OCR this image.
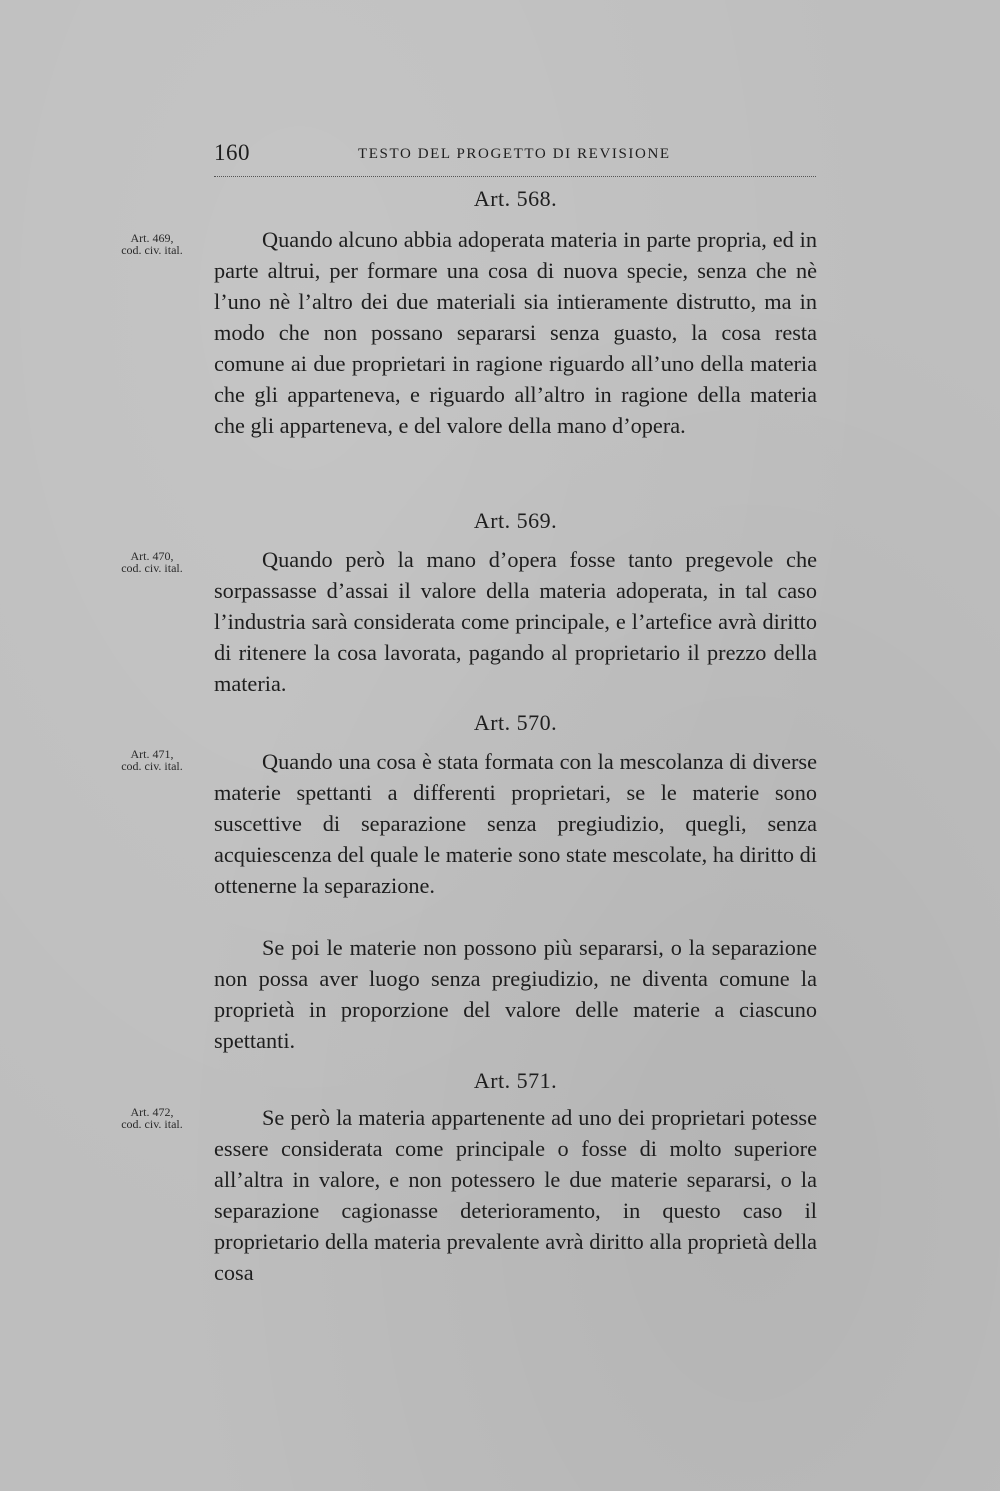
160	TESTO DEL PROGETTO DI REVISIONE
Art. 469,
cod. civ. ital.
Art. 568.

Quando alcuno abbia adoperata materia in parte propria, ed in parte altrui, per formare una cosa di nuova specie, senza che nè l’uno nè l’altro dei due materiali sia intieramente distrutto, ma in modo che non possano separarsi senza guasto, la cosa resta comune ai due proprietari in ragione riguardo all’uno della materia che gli apparteneva, e riguardo all’altro in ragione della materia che gli apparteneva, e del valore della mano d’opera.

Art. 470,
cod. civ. ital.
Art. 569.

Quando però la mano d’opera fosse tanto pregevole che sorpassasse d’assai il valore della materia adoperata, in tal caso l’industria sarà considerata come principale, e l’artefice avrà diritto di ritenere la cosa lavorata, pagando al proprietario il prezzo della materia.

Art. 471,
cod. civ. ital.
Art. 570.

Quando una cosa è stata formata con la mescolanza di diverse materie spettanti a differenti proprietari, se le materie sono suscettive di separazione senza pregiudizio, quegli, senza acquiescenza del quale le materie sono state mescolate, ha diritto di ottenerne la separazione.

Se poi le materie non possono più separarsi, o la separazione non possa aver luogo senza pregiudizio, ne diventa comune la proprietà in proporzione del valore delle materie a ciascuno spettanti.

Art. 472,
cod. civ. ital.
Art. 571.

Se però la materia appartenente ad uno dei proprietari potesse essere considerata come principale o fosse di molto superiore all’altra in valore, e non potessero le due materie separarsi, o la separazione cagionasse deterioramento, in questo caso il proprietario della materia prevalente avrà diritto alla proprietà della cosa
